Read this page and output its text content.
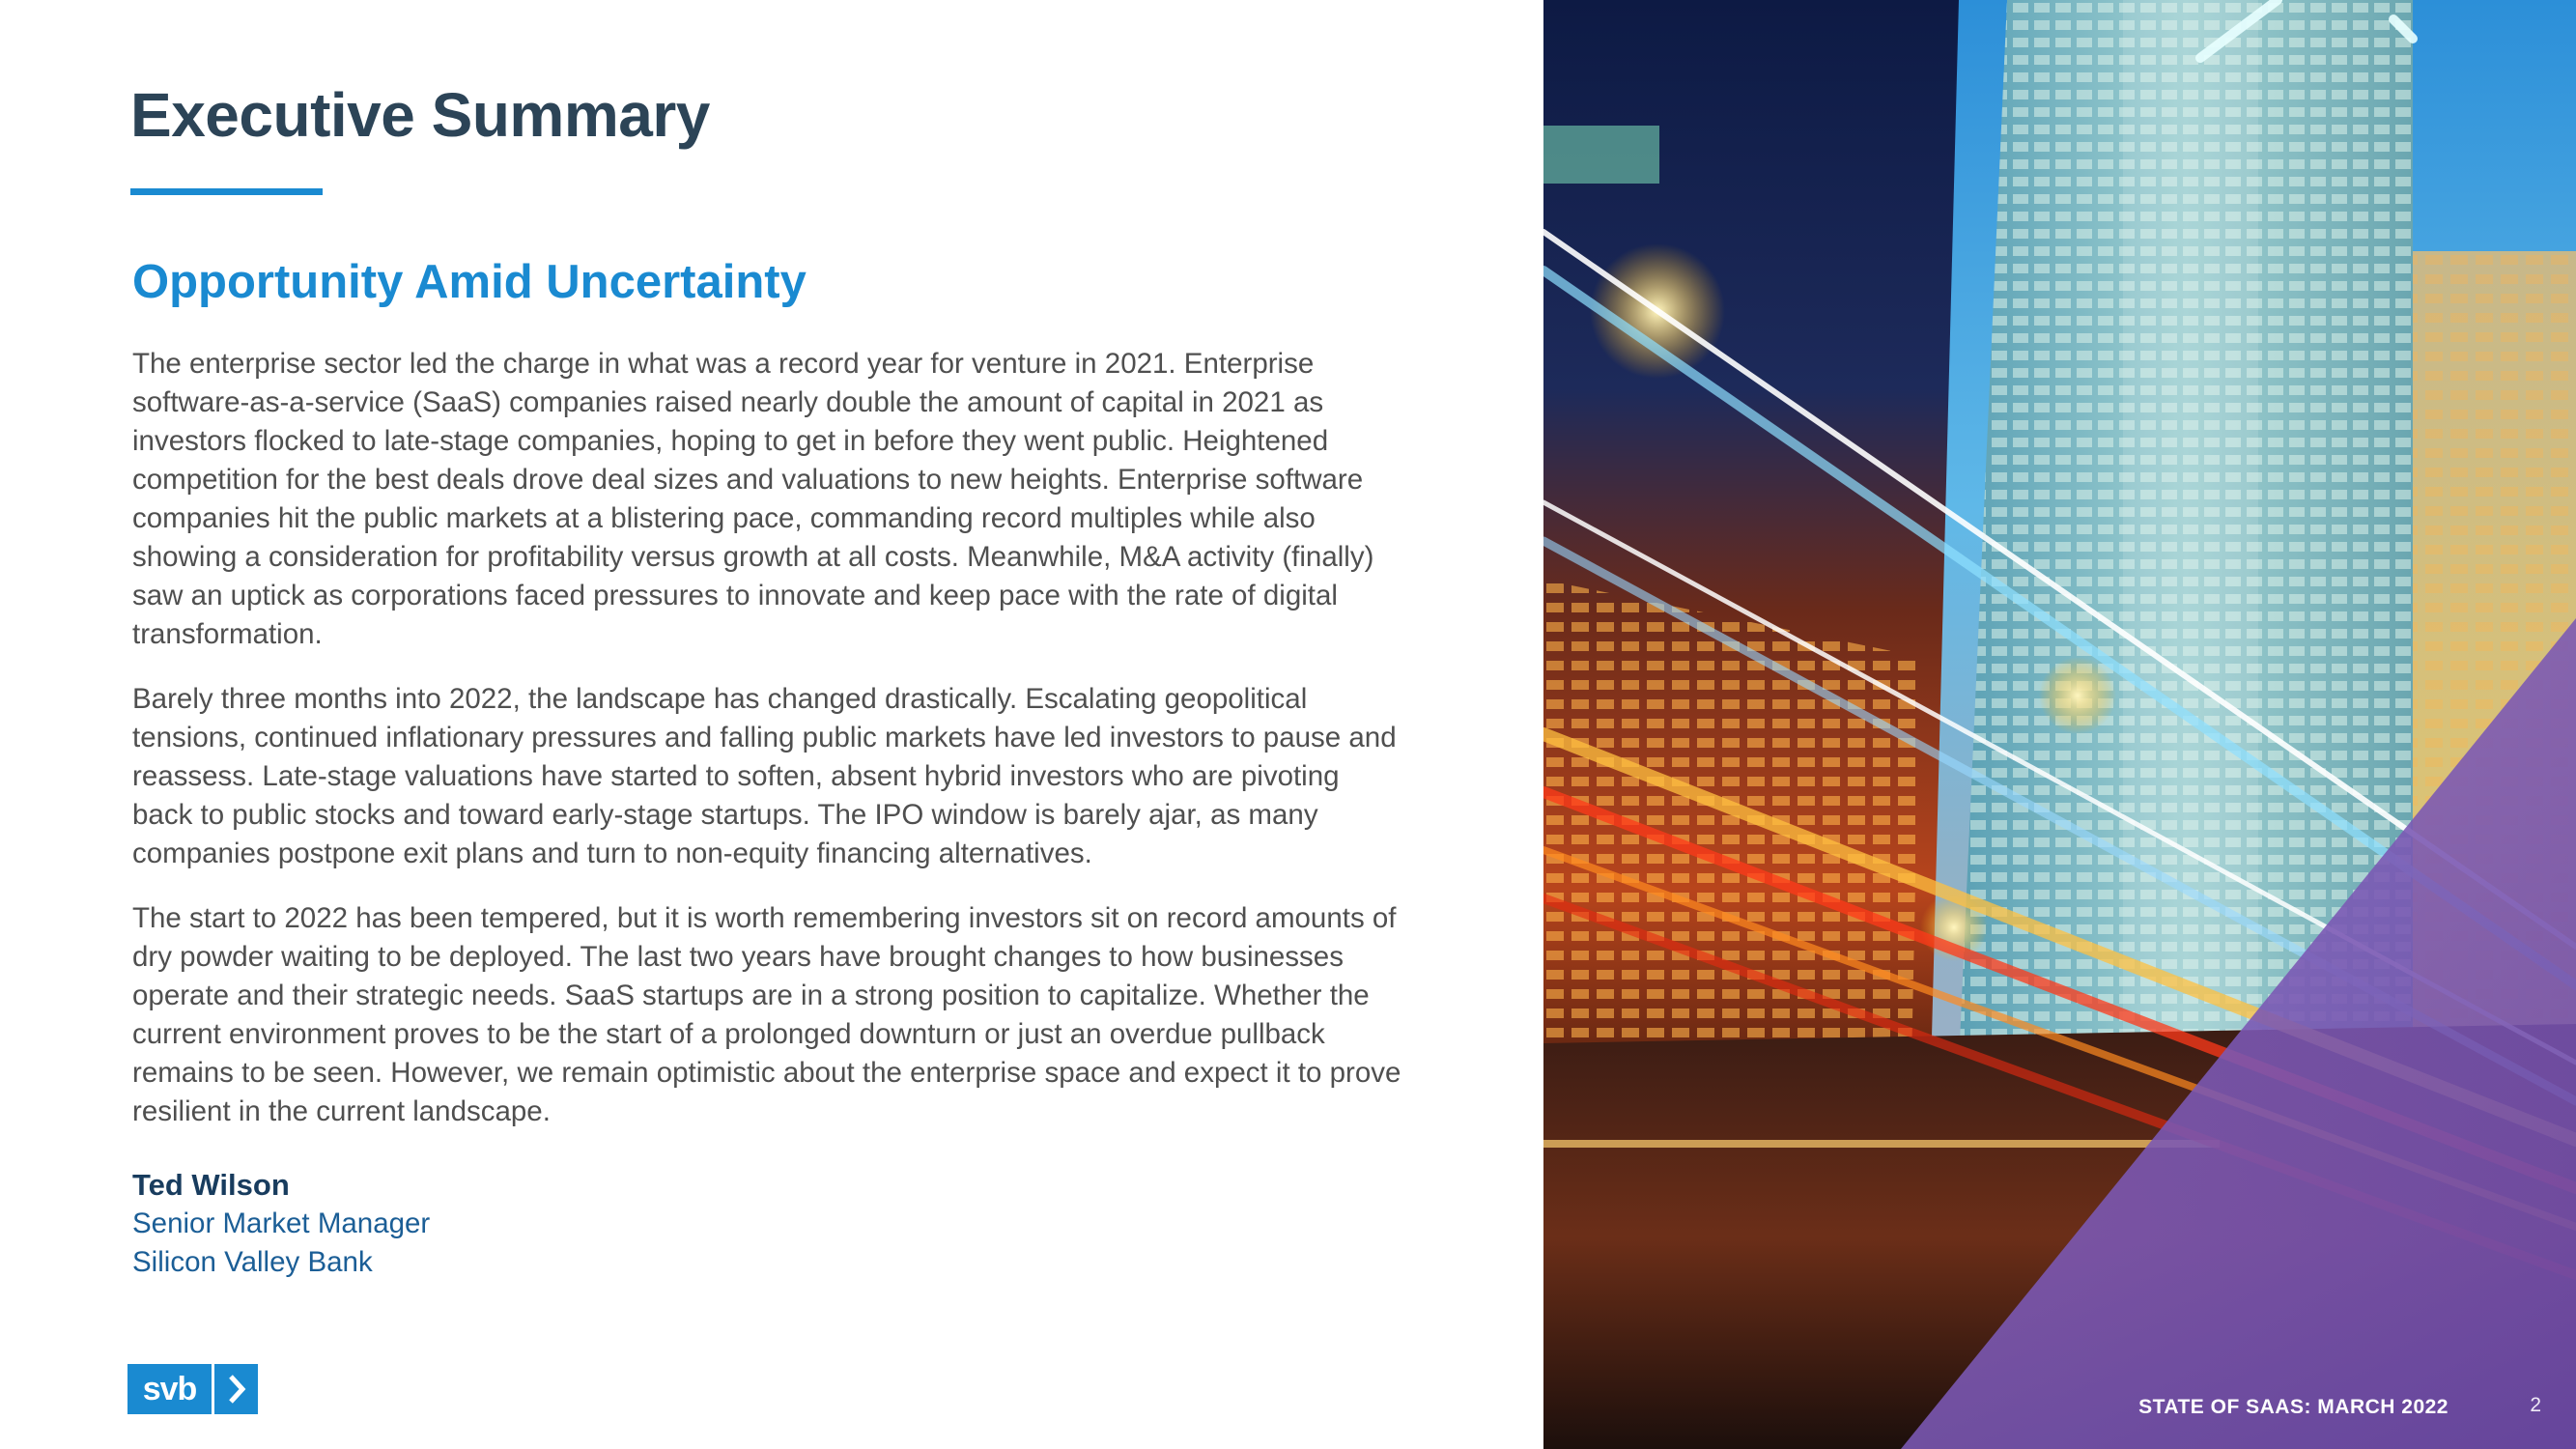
Executive Summary
Opportunity Amid Uncertainty

The enterprise sector led the charge in what was a record year for venture in 2021. Enterprise software-as-a-service (SaaS) companies raised nearly double the amount of capital in 2021 as investors flocked to late-stage companies, hoping to get in before they went public. Heightened competition for the best deals drove deal sizes and valuations to new heights. Enterprise software companies hit the public markets at a blistering pace, commanding record multiples while also showing a consideration for profitability versus growth at all costs. Meanwhile, M&A activity (finally) saw an uptick as corporations faced pressures to innovate and keep pace with the rate of digital transformation.

Barely three months into 2022, the landscape has changed drastically. Escalating geopolitical tensions, continued inflationary pressures and falling public markets have led investors to pause and reassess. Late-stage valuations have started to soften, absent hybrid investors who are pivoting back to public stocks and toward early-stage startups. The IPO window is barely ajar, as many companies postpone exit plans and turn to non-equity financing alternatives.

The start to 2022 has been tempered, but it is worth remembering investors sit on record amounts of dry powder waiting to be deployed. The last two years have brought changes to how businesses operate and their strategic needs. SaaS startups are in a strong position to capitalize. Whether the current environment proves to be the start of a prolonged downturn or just an overdue pullback remains to be seen. However, we remain optimistic about the enterprise space and expect it to prove resilient in the current landscape.

Ted Wilson
Senior Market Manager
Silicon Valley Bank
svb	STATE OF SAAS: MARCH 2022	2
